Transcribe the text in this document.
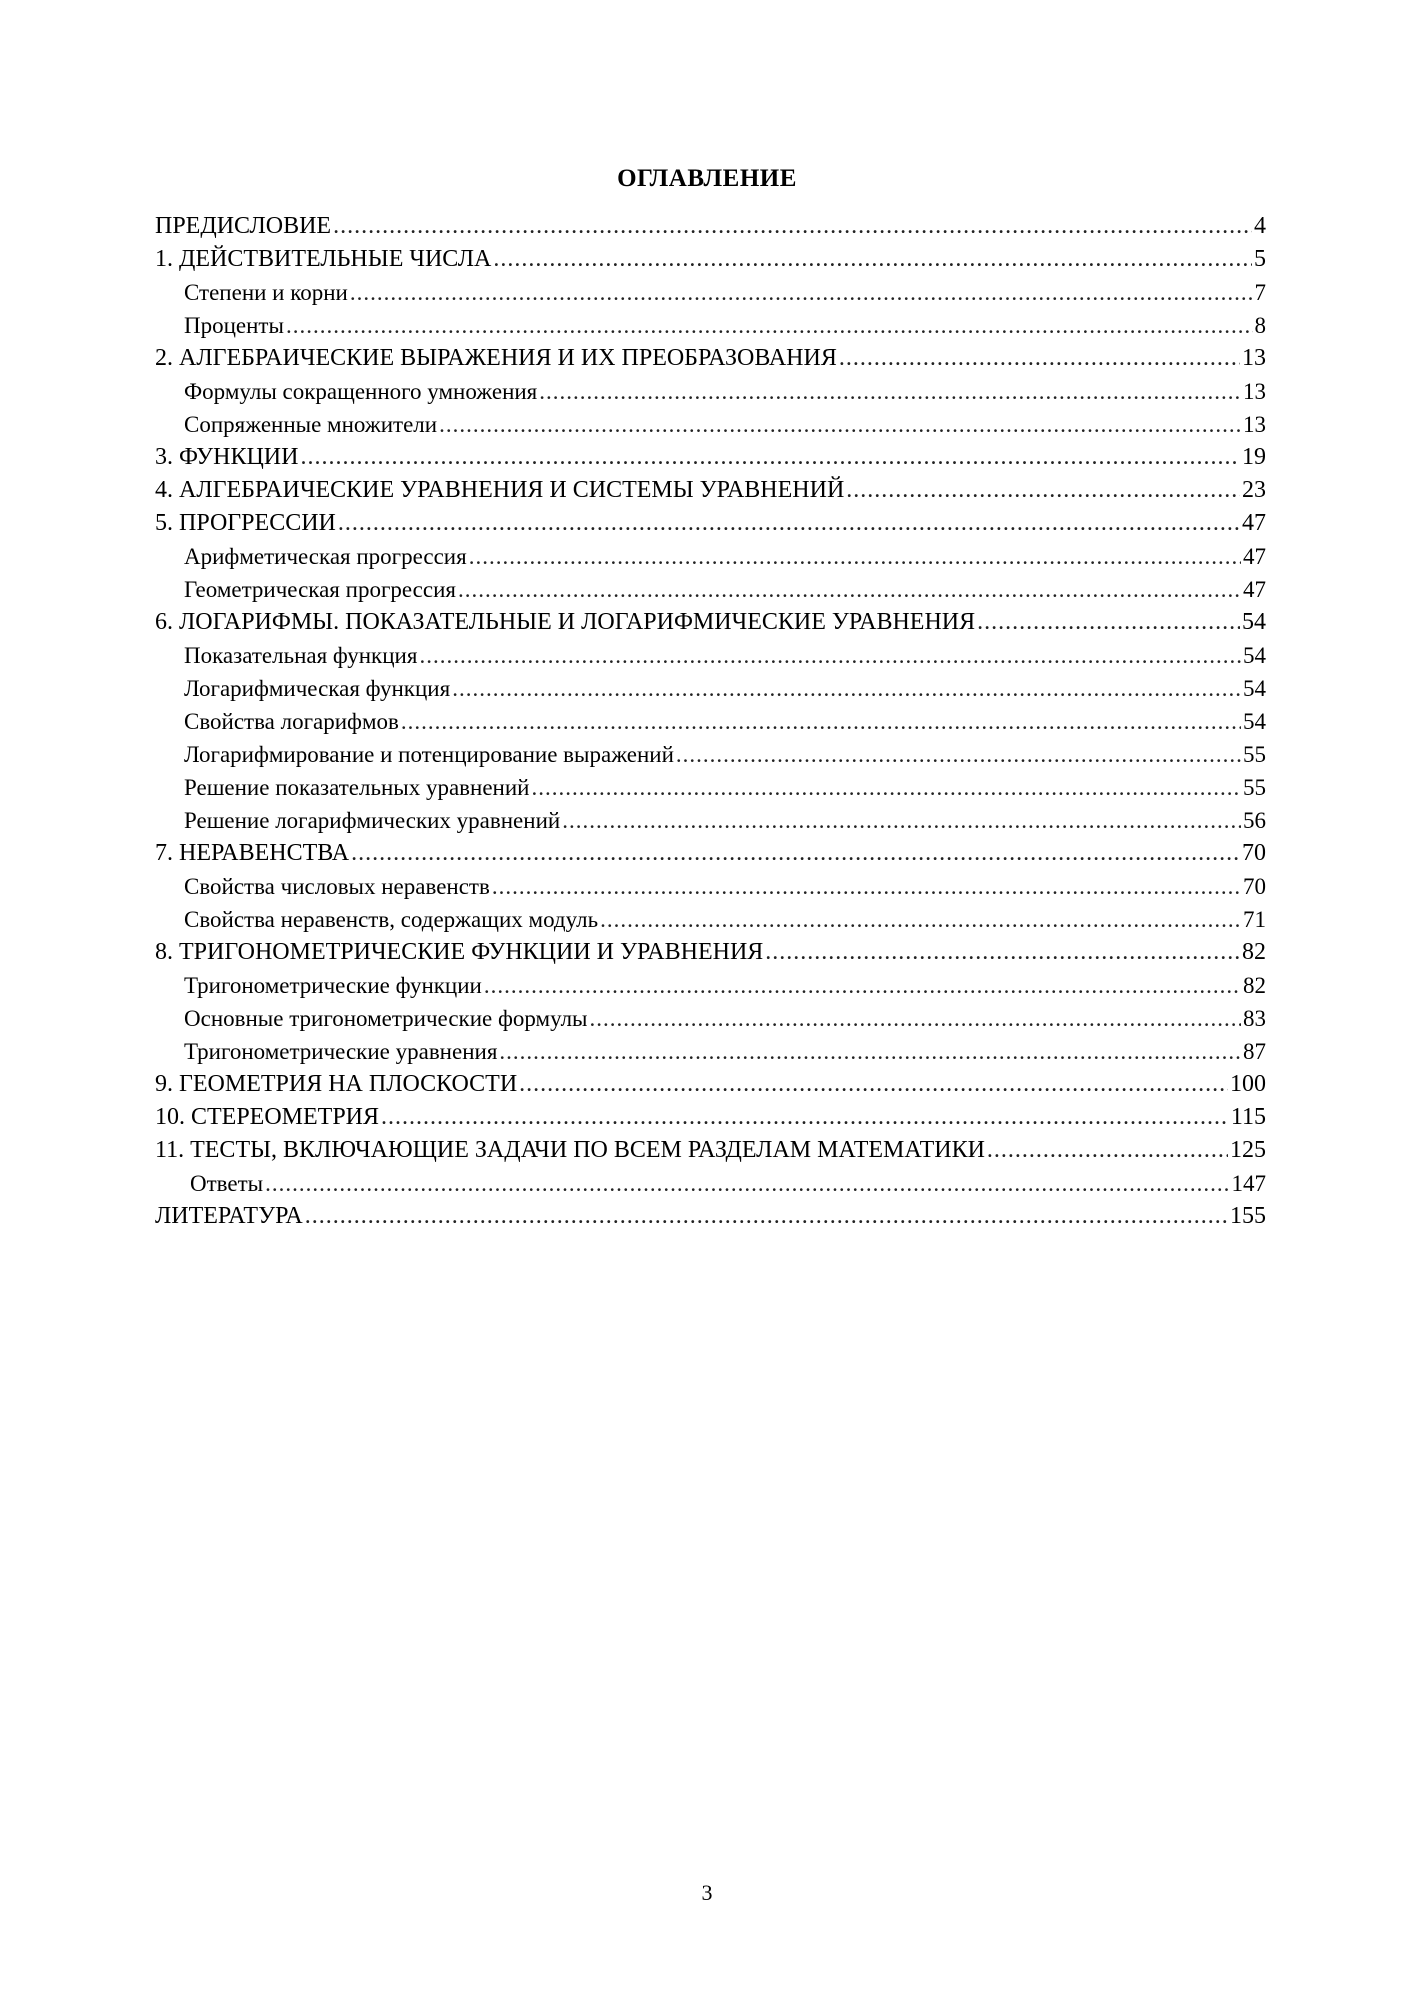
ОГЛАВЛЕНИЕ
ПРЕДИСЛОВИЕ .....	4
1. ДЕЙСТВИТЕЛЬНЫЕ ЧИСЛА .....	5
Степени и корни .....	7
Проценты .....	8
2. АЛГЕБРАИЧЕСКИЕ ВЫРАЖЕНИЯ И ИХ ПРЕОБРАЗОВАНИЯ .....	13
Формулы сокращенного умножения .....	13
Сопряженные множители .....	13
3. ФУНКЦИИ .....	19
4. АЛГЕБРАИЧЕСКИЕ УРАВНЕНИЯ И СИСТЕМЫ УРАВНЕНИЙ .....	23
5. ПРОГРЕССИИ .....	47
Арифметическая прогрессия .....	47
Геометрическая прогрессия .....	47
6. ЛОГАРИФМЫ. ПОКАЗАТЕЛЬНЫЕ И ЛОГАРИФМИЧЕСКИЕ УРАВНЕНИЯ .....	54
Показательная функция .....	54
Логарифмическая функция .....	54
Свойства логарифмов .....	54
Логарифмирование и потенцирование выражений .....	55
Решение показательных уравнений .....	55
Решение логарифмических уравнений .....	56
7. НЕРАВЕНСТВА .....	70
Свойства числовых неравенств .....	70
Свойства неравенств, содержащих модуль .....	71
8. ТРИГОНОМЕТРИЧЕСКИЕ ФУНКЦИИ И УРАВНЕНИЯ .....	82
Тригонометрические функции .....	82
Основные тригонометрические формулы .....	83
Тригонометрические уравнения .....	87
9. ГЕОМЕТРИЯ НА ПЛОСКОСТИ .....	100
10. СТЕРЕОМЕТРИЯ .....	115
11. ТЕСТЫ, ВКЛЮЧАЮЩИЕ ЗАДАЧИ ПО ВСЕМ РАЗДЕЛАМ МАТЕМАТИКИ .....	125
Ответы .....	147
ЛИТЕРАТУРА .....	155
3
